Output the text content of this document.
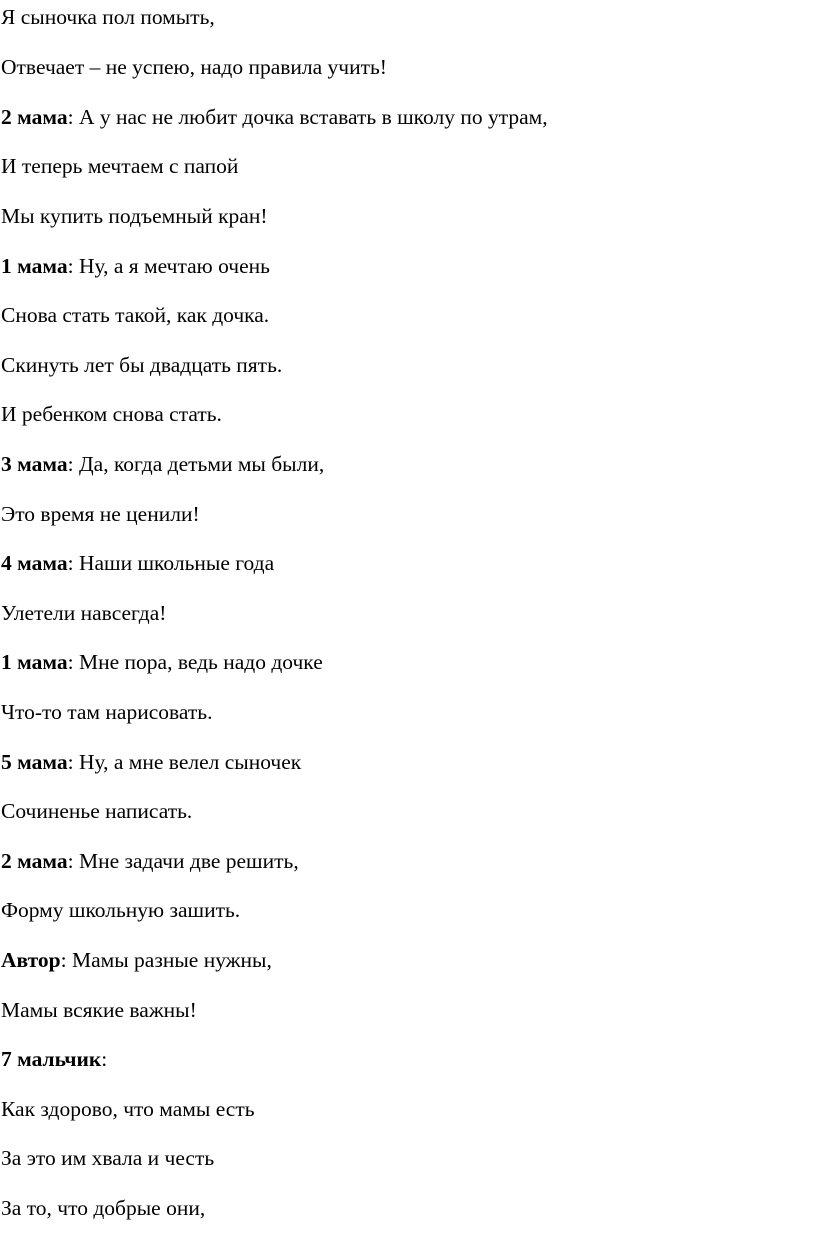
Я сыночка пол помыть,

Отвечает – не успею, надо правила учить!

2 мама: А у нас не любит дочка вставать в школу по утрам,

И теперь мечтаем с папой

Мы купить подъемный кран!

1 мама: Ну, а я мечтаю очень

Снова стать такой, как дочка.

Скинуть лет бы двадцать пять.

И ребенком снова стать.

3 мама: Да, когда детьми мы были,

Это время не ценили!

4 мама: Наши школьные года

Улетели навсегда!

1 мама: Мне пора, ведь надо дочке

Что-то там нарисовать.

5 мама: Ну, а мне велел сыночек

Сочиненье написать.

2 мама: Мне задачи две решить,

Форму школьную зашить.

Автор: Мамы разные нужны,

Мамы всякие важны!

7 мальчик:

Как здорово, что мамы есть

За это им хвала и честь

За то, что добрые они,
